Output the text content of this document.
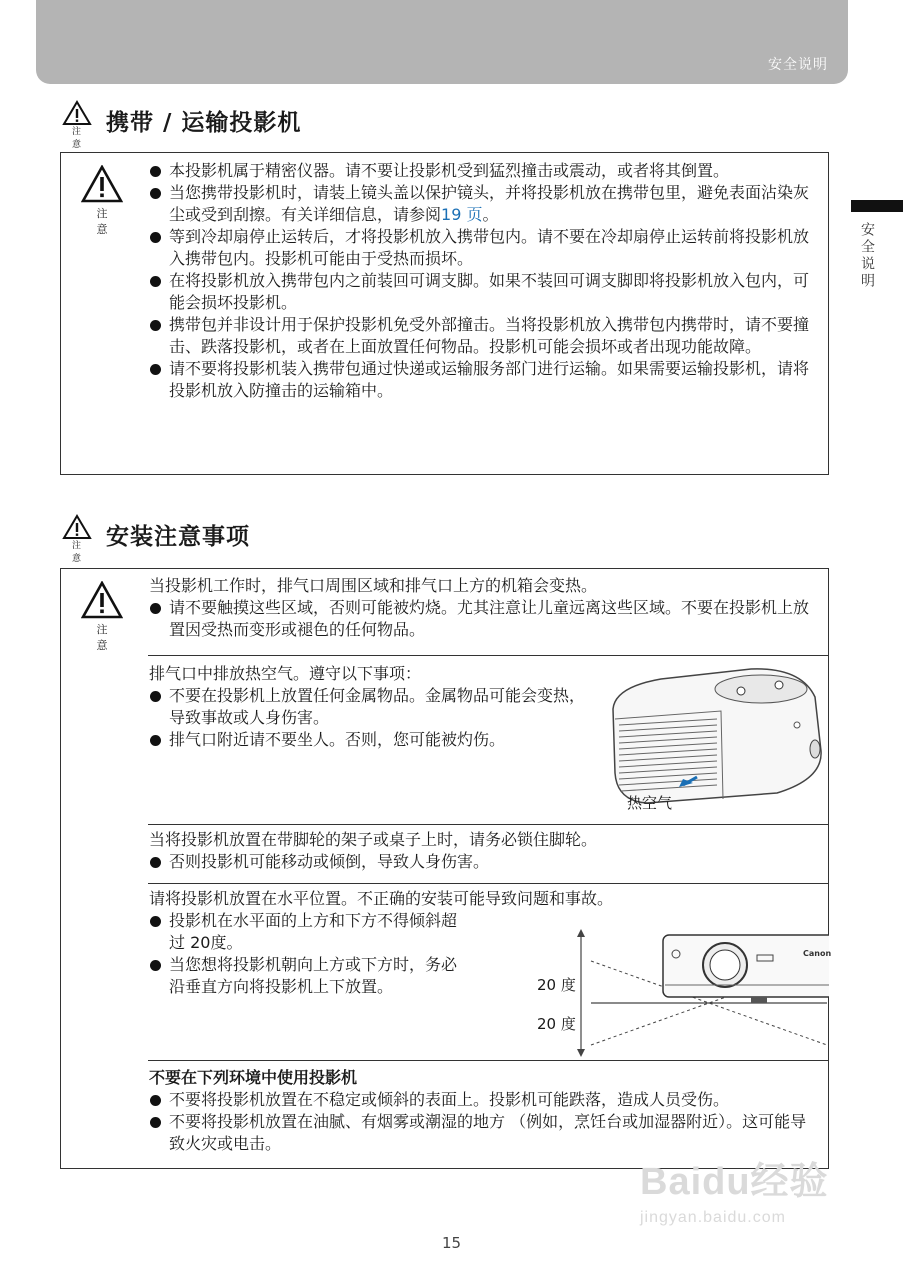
安全说明
安全说明
注 意
携带 / 运输投影机
注 意
本投影机属于精密仪器。请不要让投影机受到猛烈撞击或震动，或者将其倒置。
当您携带投影机时，请装上镜头盖以保护镜头，并将投影机放在携带包里，避免表面沾染灰尘或受到刮擦。有关详细信息，请参阅19 页。
等到冷却扇停止运转后，才将投影机放入携带包内。请不要在冷却扇停止运转前将投影机放入携带包内。投影机可能由于受热而损坏。
在将投影机放入携带包内之前装回可调支脚。如果不装回可调支脚即将投影机放入包内，可能会损坏投影机。
携带包并非设计用于保护投影机免受外部撞击。当将投影机放入携带包内携带时，请不要撞击、跌落投影机，或者在上面放置任何物品。投影机可能会损坏或者出现功能故障。
请不要将投影机装入携带包通过快递或运输服务部门进行运输。如果需要运输投影机，请将投影机放入防撞击的运输箱中。
注 意
安装注意事项
注 意
当投影机工作时，排气口周围区域和排气口上方的机箱会变热。
请不要触摸这些区域，否则可能被灼烧。尤其注意让儿童远离这些区域。不要在投影机上放置因受热而变形或褪色的任何物品。
排气口中排放热空气。遵守以下事项：
不要在投影机上放置任何金属物品。金属物品可能会变热，导致事故或人身伤害。
排气口附近请不要坐人。否则，您可能被灼伤。
热空气
当将投影机放置在带脚轮的架子或桌子上时，请务必锁住脚轮。
否则投影机可能移动或倾倒，导致人身伤害。
请将投影机放置在水平位置。不正确的安装可能导致问题和事故。
投影机在水平面的上方和下方不得倾斜超过 20度。
当您想将投影机朝向上方或下方时，务必沿垂直方向将投影机上下放置。
Canon
20 度
20 度
不要在下列环境中使用投影机
不要将投影机放置在不稳定或倾斜的表面上。投影机可能跌落，造成人员受伤。
不要将投影机放置在油腻、有烟雾或潮湿的地方 （例如，烹饪台或加湿器附近）。这可能导致火灾或电击。
Baidu经验
jingyan.baidu.com
15
